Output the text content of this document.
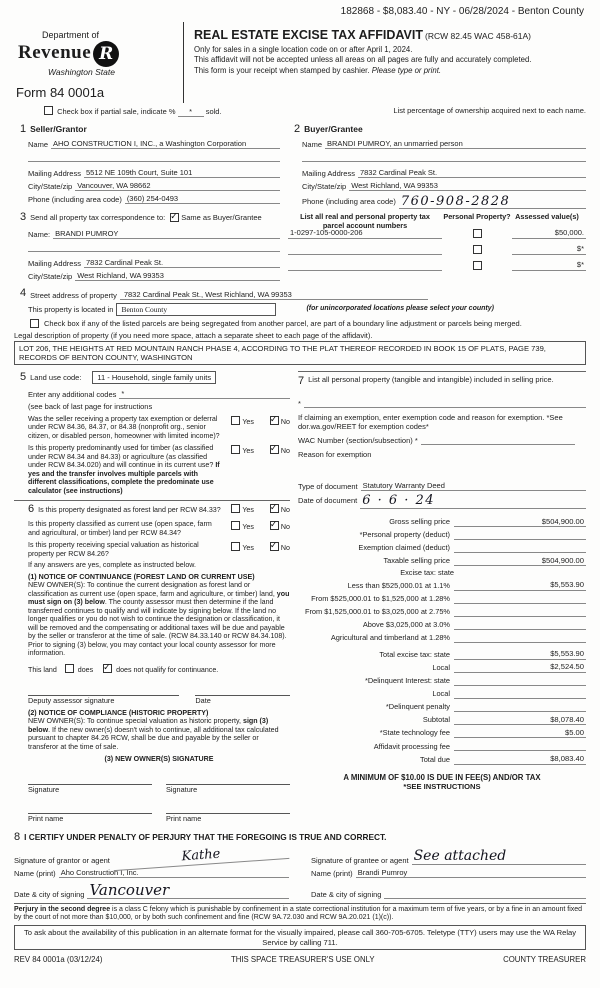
182868 - $8,083.40 - NY - 06/28/2024 - Benton County
Department of
Revenue R
Washington State
Form 84 0001a
REAL ESTATE EXCISE TAX AFFIDAVIT (RCW 82.45 WAC 458-61A)
Only for sales in a single location code on or after April 1, 2024.
This affidavit will not be accepted unless all areas on all pages are fully and accurately completed.
This form is your receipt when stamped by cashier. Please type or print.
Check box if partial sale, indicate % * sold.	List percentage of ownership acquired next to each name.
1 Seller/Grantor
Name AHO CONSTRUCTION I, INC., a Washington Corporation
Mailing Address 5512 NE 109th Court, Suite 101
City/State/zip Vancouver, WA 98662
Phone (including area code) (360) 254-0493
3 Send all property tax correspondence to: ✓ Same as Buyer/Grantee
Name: BRANDI PUMROY
Mailing Address 7832 Cardinal Peak St.
City/State/zip West Richland, WA 99353
2 Buyer/Grantee
Name BRANDI PUMROY, an unmarried person
Mailing Address 7832 Cardinal Peak St.
City/State/zip West Richland, WA 99353
Phone (including area code) 760-908-2828
List all real and personal property tax parcel account numbers
Personal Property? Assessed value(s)
1-0297-105-0000-206	$50,000.
$*
$*
4 Street address of property 7832 Cardinal Peak St., West Richland, WA 99353
This property is located in	Benton County	(for unincorporated locations please select your county)
Check box if any of the listed parcels are being segregated from another parcel, are part of a boundary line adjustment or parcels being merged.
Legal description of property (if you need more space, attach a separate sheet to each page of the affidavit).
LOT 206, THE HEIGHTS AT RED MOUNTAIN RANCH PHASE 4, ACCORDING TO THE PLAT THEREOF RECORDED IN BOOK 15 OF PLATS, PAGE 739, RECORDS OF BENTON COUNTY, WASHINGTON
5 Land use code:	11 - Household, single family units
Enter any additional codes *
(see back of last page for instructions
Was the seller receiving a property tax exemption or deferral under RCW 84.36, 84.37, or 84.38 (nonprofit org., senior citizen, or disabled person, homeowner with limited income)?
Yes ✓	No
Is this property predominantly used for timber (as classified under RCW 84.34 and 84.33) or agriculture (as classified under RCW 84.34.020) and will continue in its current use? If yes and the transfer involves multiple parcels with different classifications, complete the predominate use calculator (see instructions)
Yes ✓	No
6 Is this property designated as forest land per RCW 84.33?	Yes ✓	No
Is this property classified as current use (open space, farm and agricultural, or timber) land per RCW 84.34?
Yes ✓	No
Is this property receiving special valuation as historical property per RCW 84.26?
Yes ✓	No
If any answers are yes, complete as instructed below.
(1) NOTICE OF CONTINUANCE (FOREST LAND OR CURRENT USE)
NEW OWNER(S): To continue the current designation as forest land or classification as current use (open space, farm and agriculture, or timber) land, you must sign on (3) below. The county assessor must then determine if the land transferred continues to qualify and will indicate by signing below. If the land no longer qualifies or you do not wish to continue the designation or classification, it will be removed and the compensating or additional taxes will be due and payable by the seller or transferor at the time of sale. (RCW 84.33.140 or RCW 84.34.108). Prior to signing (3) below, you may contact your local county assessor for more information.
This land	does ✓	does not qualify for continuance.
Deputy assessor signature	Date
(2) NOTICE OF COMPLIANCE (HISTORIC PROPERTY)
NEW OWNER(S): To continue special valuation as historic property, sign (3) below. If the new owner(s) doesn't wish to continue, all additional tax calculated pursuant to chapter 84.26 RCW, shall be due and payable by the seller or transferor at the time of sale.
(3) NEW OWNER(S) SIGNATURE
Signature	Signature
Print name	Print name
7 List all personal property (tangible and intangible) included in selling price.
*
If claiming an exemption, enter exemption code and reason for exemption. *See dor.wa.gov/REET for exemption codes*
WAC Number (section/subsection) *
Reason for exemption
Type of document Statutory Warranty Deed
Date of document 6 · 6 · 24
Gross selling price	$504,900.00
*Personal property (deduct)
Exemption claimed (deduct)
Taxable selling price	$504,900.00
Excise tax: state
Less than $525,000.01 at 1.1%	$5,553.90
From $525,000.01 to $1,525,000 at 1.28%
From $1,525,000.01 to $3,025,000 at 2.75%
Above $3,025,000 at 3.0%
Agricultural and timberland at 1.28%
Total excise tax: state	$5,553.90
Local	$2,524.50
*Delinquent Interest: state
Local
*Delinquent penalty
Subtotal	$8,078.40
*State technology fee	$5.00
Affidavit processing fee
Total due	$8,083.40
A MINIMUM OF $10.00 IS DUE IN FEE(S) AND/OR TAX
*SEE INSTRUCTIONS
8 I CERTIFY UNDER PENALTY OF PERJURY THAT THE FOREGOING IS TRUE AND CORRECT.
Signature of grantor or agent	Kathe	Signature of grantee or agent See attached
Name (print) Aho Construction I, Inc.	Name (print) Brandi Pumroy
Date & city of signing Vancouver	Date & city of signing
Perjury in the second degree is a class C felony which is punishable by confinement in a state correctional institution for a maximum term of five years, or by a fine in an amount fixed by the court of not more than $10,000, or by both such confinement and fine (RCW 9A.72.030 and RCW 9A.20.021 (1)(c)).
To ask about the availability of this publication in an alternate format for the visually impaired, please call 360-705-6705. Teletype (TTY) users may use the WA Relay Service by calling 711.
REV 84 0001a (03/12/24)	THIS SPACE TREASURER'S USE ONLY	COUNTY TREASURER
